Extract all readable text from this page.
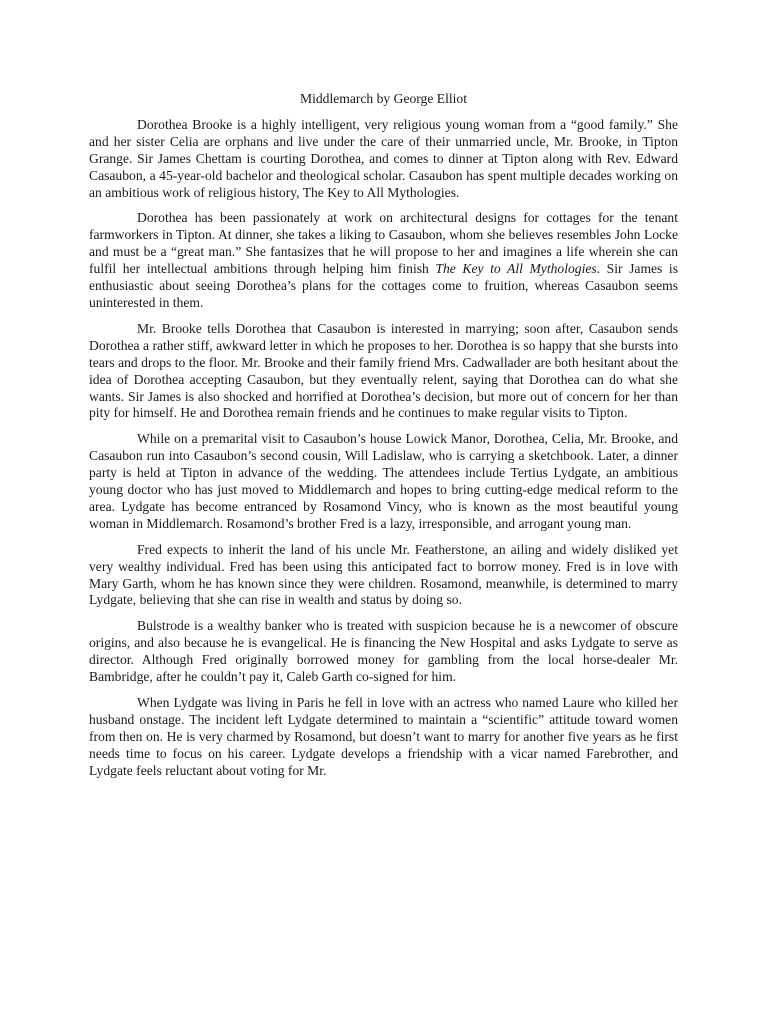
Middlemarch by George Elliot

Dorothea Brooke is a highly intelligent, very religious young woman from a “good family.” She and her sister Celia are orphans and live under the care of their unmarried uncle, Mr. Brooke, in Tipton Grange. Sir James Chettam is courting Dorothea, and comes to dinner at Tipton along with Rev. Edward Casaubon, a 45-year-old bachelor and theological scholar. Casaubon has spent multiple decades working on an ambitious work of religious history, The Key to All Mythologies.

Dorothea has been passionately at work on architectural designs for cottages for the tenant farmworkers in Tipton. At dinner, she takes a liking to Casaubon, whom she believes resembles John Locke and must be a “great man.” She fantasizes that he will propose to her and imagines a life wherein she can fulfil her intellectual ambitions through helping him finish The Key to All Mythologies. Sir James is enthusiastic about seeing Dorothea’s plans for the cottages come to fruition, whereas Casaubon seems uninterested in them.

Mr. Brooke tells Dorothea that Casaubon is interested in marrying; soon after, Casaubon sends Dorothea a rather stiff, awkward letter in which he proposes to her. Dorothea is so happy that she bursts into tears and drops to the floor. Mr. Brooke and their family friend Mrs. Cadwallader are both hesitant about the idea of Dorothea accepting Casaubon, but they eventually relent, saying that Dorothea can do what she wants. Sir James is also shocked and horrified at Dorothea’s decision, but more out of concern for her than pity for himself. He and Dorothea remain friends and he continues to make regular visits to Tipton.

While on a premarital visit to Casaubon’s house Lowick Manor, Dorothea, Celia, Mr. Brooke, and Casaubon run into Casaubon’s second cousin, Will Ladislaw, who is carrying a sketchbook. Later, a dinner party is held at Tipton in advance of the wedding. The attendees include Tertius Lydgate, an ambitious young doctor who has just moved to Middlemarch and hopes to bring cutting-edge medical reform to the area. Lydgate has become entranced by Rosamond Vincy, who is known as the most beautiful young woman in Middlemarch. Rosamond’s brother Fred is a lazy, irresponsible, and arrogant young man.

Fred expects to inherit the land of his uncle Mr. Featherstone, an ailing and widely disliked yet very wealthy individual. Fred has been using this anticipated fact to borrow money. Fred is in love with Mary Garth, whom he has known since they were children. Rosamond, meanwhile, is determined to marry Lydgate, believing that she can rise in wealth and status by doing so.

Bulstrode is a wealthy banker who is treated with suspicion because he is a newcomer of obscure origins, and also because he is evangelical. He is financing the New Hospital and asks Lydgate to serve as director. Although Fred originally borrowed money for gambling from the local horse-dealer Mr. Bambridge, after he couldn’t pay it, Caleb Garth co-signed for him.

When Lydgate was living in Paris he fell in love with an actress who named Laure who killed her husband onstage. The incident left Lydgate determined to maintain a “scientific” attitude toward women from then on. He is very charmed by Rosamond, but doesn’t want to marry for another five years as he first needs time to focus on his career. Lydgate develops a friendship with a vicar named Farebrother, and Lydgate feels reluctant about voting for Mr.
